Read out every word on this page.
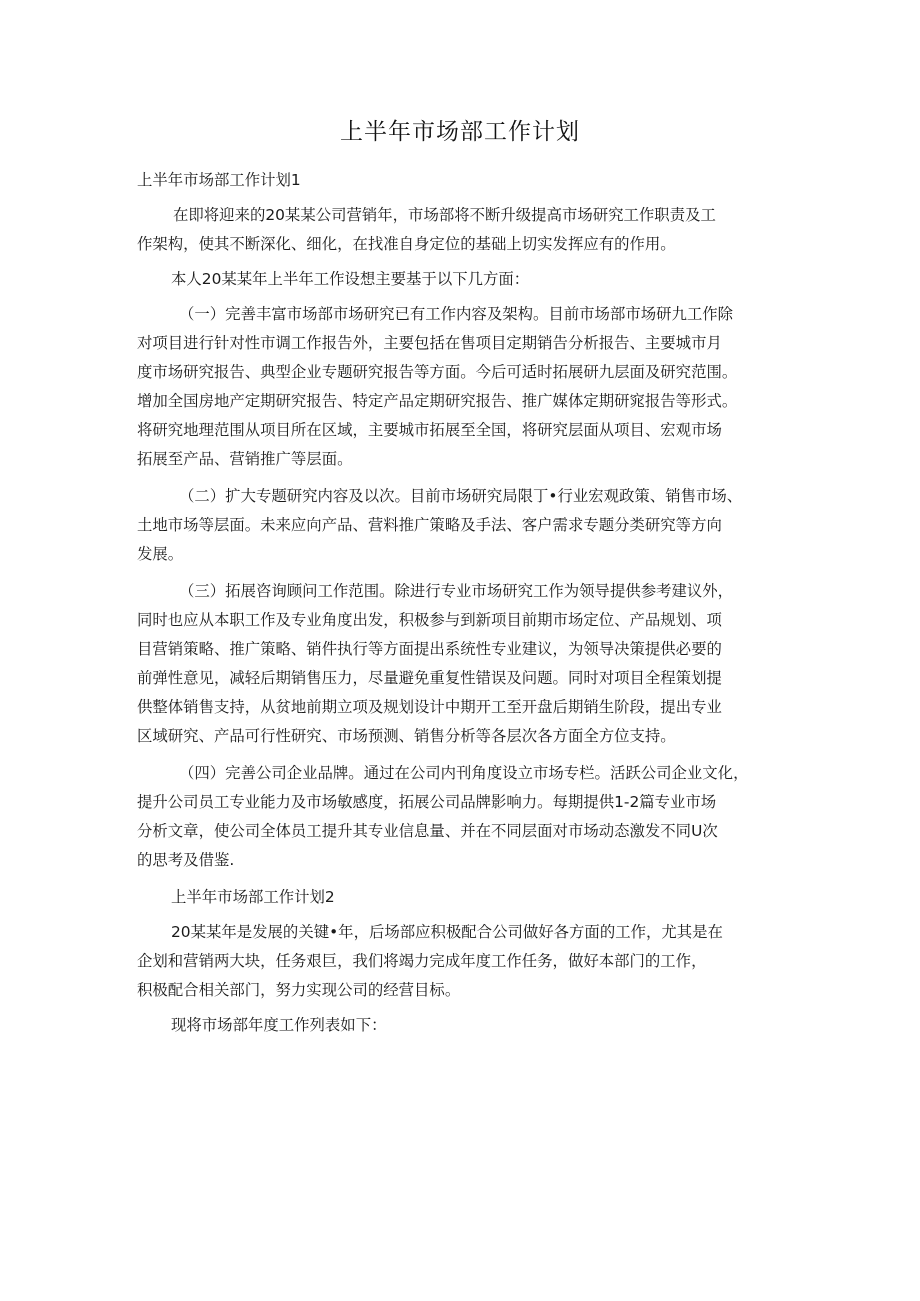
上半年市场部工作计划
上半年市场部工作计划1
在即将迎来的20某某公司营销年，市场部将不断升级提高市场研究工作职责及工
作架构，使其不断深化、细化，在找准自身定位的基础上切实发挥应有的作用。
本人20某某年上半年工作设想主要基于以下几方面：
（一）完善丰富市场部市场研究已有工作内容及架构。目前市场部市场研九工作除
对项目进行针对性市调工作报告外，主要包括在售项目定期销告分析报告、主要城市月
度市场研究报告、典型企业专题研究报告等方面。今后可适时拓展研九层面及研究范围。
增加全国房地产定期研究报告、特定产品定期研究报告、推广媒体定期研窕报告等形式。
将研究地理范围从项目所在区域，主要城市拓展至全国，将研究层面从项目、宏观市场
拓展至产品、营销推广等层面。
（二）扩大专题研究内容及以次。目前市场研究局限丁•行业宏观政策、销售市场、
土地市场等层面。未来应向产品、营料推广策略及手法、客户需求专题分类研究等方向
发展。
（三）拓展咨询顾问工作范围。除进行专业市场研究工作为领导提供参考建议外，
同时也应从本职工作及专业角度出发，积极参与到新项目前期市场定位、产品规划、项
目营销策略、推广策略、销件执行等方面提出系统性专业建议，为领导决策提供必要的
前弹性意见，减轻后期销售压力，尽量避免重复性错误及问题。同时对项目全程策划提
供整体销售支持，从贫地前期立项及规划设计中期开工至开盘后期销生阶段，提出专业
区域研究、产品可行性研究、市场预测、销售分析等各层次各方面全方位支持。
（四）完善公司企业品牌。通过在公司内刊角度设立市场专栏。活跃公司企业文化，
提升公司员工专业能力及市场敏感度，拓展公司品牌影响力。每期提供1-2篇专业市场
分析文章，使公司全体员工提升其专业信息量、并在不同层面对市场动态激发不同U次
的思考及借鉴.
上半年市场部工作计划2
20某某年是发展的关键•年，后场部应积极配合公司做好各方面的工作，尤其是在
企划和营销两大块，任务艰巨，我们将竭力完成年度工作任务，做好本部门的工作，
积极配合相关部门，努力实现公司的经营目标。
现将市场部年度工作列表如下：
